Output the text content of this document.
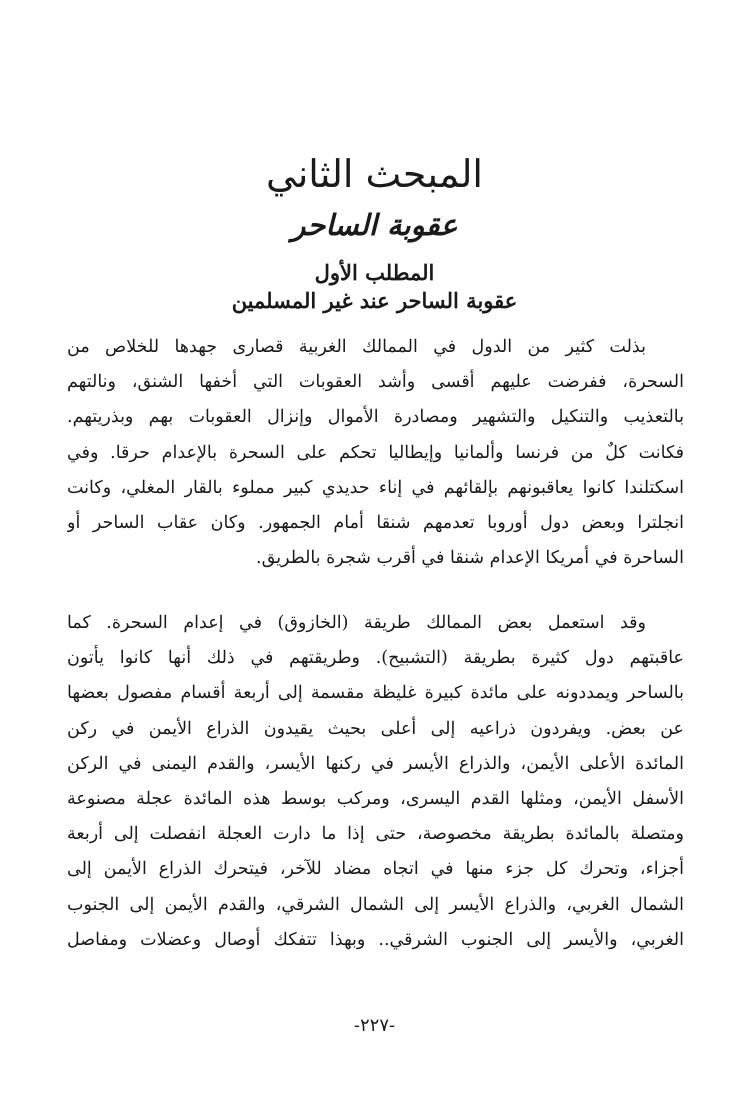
المبحث الثاني
عقوبة الساحر
المطلب الأول
عقوبة الساحر عند غير المسلمين
بذلت كثير من الدول في الممالك الغربية قصارى جهدها للخلاص من
السحرة، ففرضت عليهم أقسى وأشد العقوبات التي أخفها الشنق، ونالتهم
بالتعذيب والتنكيل والتشهير ومصادرة الأموال وإنزال العقوبات بهم وبذريتهم.
فكانت كلٌ من فرنسا وألمانيا وإيطاليا تحكم على السحرة بالإعدام حرقا. وفي
اسكتلندا كانوا يعاقبونهم بإلقائهم في إناء حديدي كبير مملوء بالقار المغلي، وكانت
انجلترا وبعض دول أوروبا تعدمهم شنقا أمام الجمهور. وكان عقاب الساحر أو
الساحرة في أمريكا الإعدام شنقا في أقرب شجرة بالطريق.
وقد استعمل بعض الممالك طريقة (الخازوق) في إعدام السحرة. كما
عاقبتهم دول كثيرة بطريقة (التشبيح). وطريقتهم في ذلك أنها كانوا يأتون
بالساحر ويمددونه على مائدة كبيرة غليظة مقسمة إلى أربعة أقسام مفصول بعضها
عن بعض. ويفردون ذراعيه إلى أعلى بحيث يقيدون الذراع الأيمن في ركن
المائدة الأعلى الأيمن، والذراع الأيسر في ركنها الأيسر، والقدم اليمنى في الركن
الأسفل الأيمن، ومثلها القدم اليسرى، ومركب بوسط هذه المائدة عجلة مصنوعة
ومتصلة بالمائدة بطريقة مخصوصة، حتى إذا ما دارت العجلة انفصلت إلى أربعة
أجزاء، وتحرك كل جزء منها في اتجاه مضاد للآخر، فيتحرك الذراع الأيمن إلى
الشمال الغربي، والذراع الأيسر إلى الشمال الشرقي، والقدم الأيمن إلى الجنوب
الغربي، والأيسر إلى الجنوب الشرقي.. وبهذا تتفكك أوصال وعضلات ومفاصل
-٢٢٧-
